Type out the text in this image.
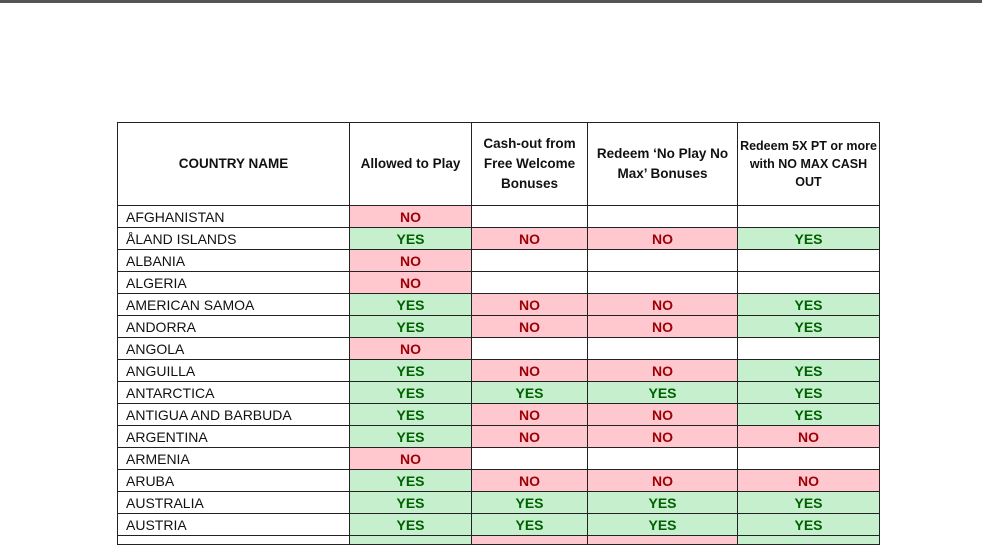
COUNTRY NAME	Allowed to Play	Cash-out from Free Welcome Bonuses	Redeem ‘No Play No Max’ Bonuses	Redeem 5X PT or more with NO MAX CASH OUT
AFGHANISTAN	NO			
ÅLAND ISLANDS	YES	NO	NO	YES
ALBANIA	NO			
ALGERIA	NO			
AMERICAN SAMOA	YES	NO	NO	YES
ANDORRA	YES	NO	NO	YES
ANGOLA	NO			
ANGUILLA	YES	NO	NO	YES
ANTARCTICA	YES	YES	YES	YES
ANTIGUA AND BARBUDA	YES	NO	NO	YES
ARGENTINA	YES	NO	NO	NO
ARMENIA	NO			
ARUBA	YES	NO	NO	NO
AUSTRALIA	YES	YES	YES	YES
AUSTRIA	YES	YES	YES	YES
